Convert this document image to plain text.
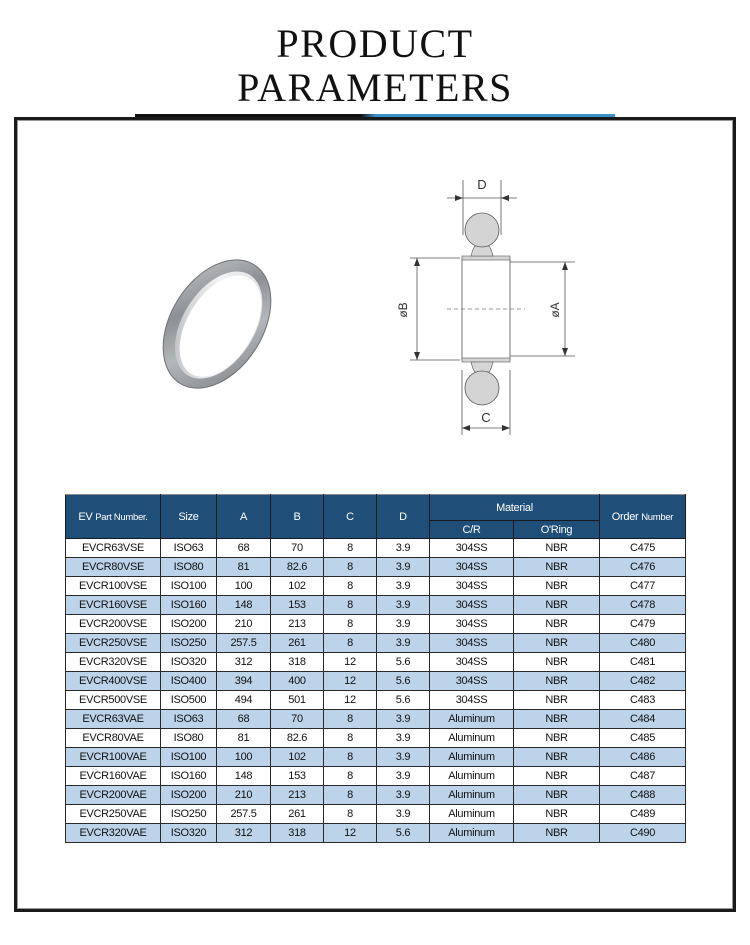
PRODUCT PARAMETERS
D
C
øB	øA
EV Part Number.	Size	A	B	C	D	Material		Order Number
						C/R	O'Ring	
EVCR63VSE	ISO63	68	70	8	3.9	304SS	NBR	C475
EVCR80VSE	ISO80	81	82.6	8	3.9	304SS	NBR	C476
EVCR100VSE	ISO100	100	102	8	3.9	304SS	NBR	C477
EVCR160VSE	ISO160	148	153	8	3.9	304SS	NBR	C478
EVCR200VSE	ISO200	210	213	8	3.9	304SS	NBR	C479
EVCR250VSE	ISO250	257.5	261	8	3.9	304SS	NBR	C480
EVCR320VSE	ISO320	312	318	12	5.6	304SS	NBR	C481
EVCR400VSE	ISO400	394	400	12	5.6	304SS	NBR	C482
EVCR500VSE	ISO500	494	501	12	5.6	304SS	NBR	C483
EVCR63VAE	ISO63	68	70	8	3.9	Aluminum	NBR	C484
EVCR80VAE	ISO80	81	82.6	8	3.9	Aluminum	NBR	C485
EVCR100VAE	ISO100	100	102	8	3.9	Aluminum	NBR	C486
EVCR160VAE	ISO160	148	153	8	3.9	Aluminum	NBR	C487
EVCR200VAE	ISO200	210	213	8	3.9	Aluminum	NBR	C488
EVCR250VAE	ISO250	257.5	261	8	3.9	Aluminum	NBR	C489
EVCR320VAE	ISO320	312	318	12	5.6	Aluminum	NBR	C490
